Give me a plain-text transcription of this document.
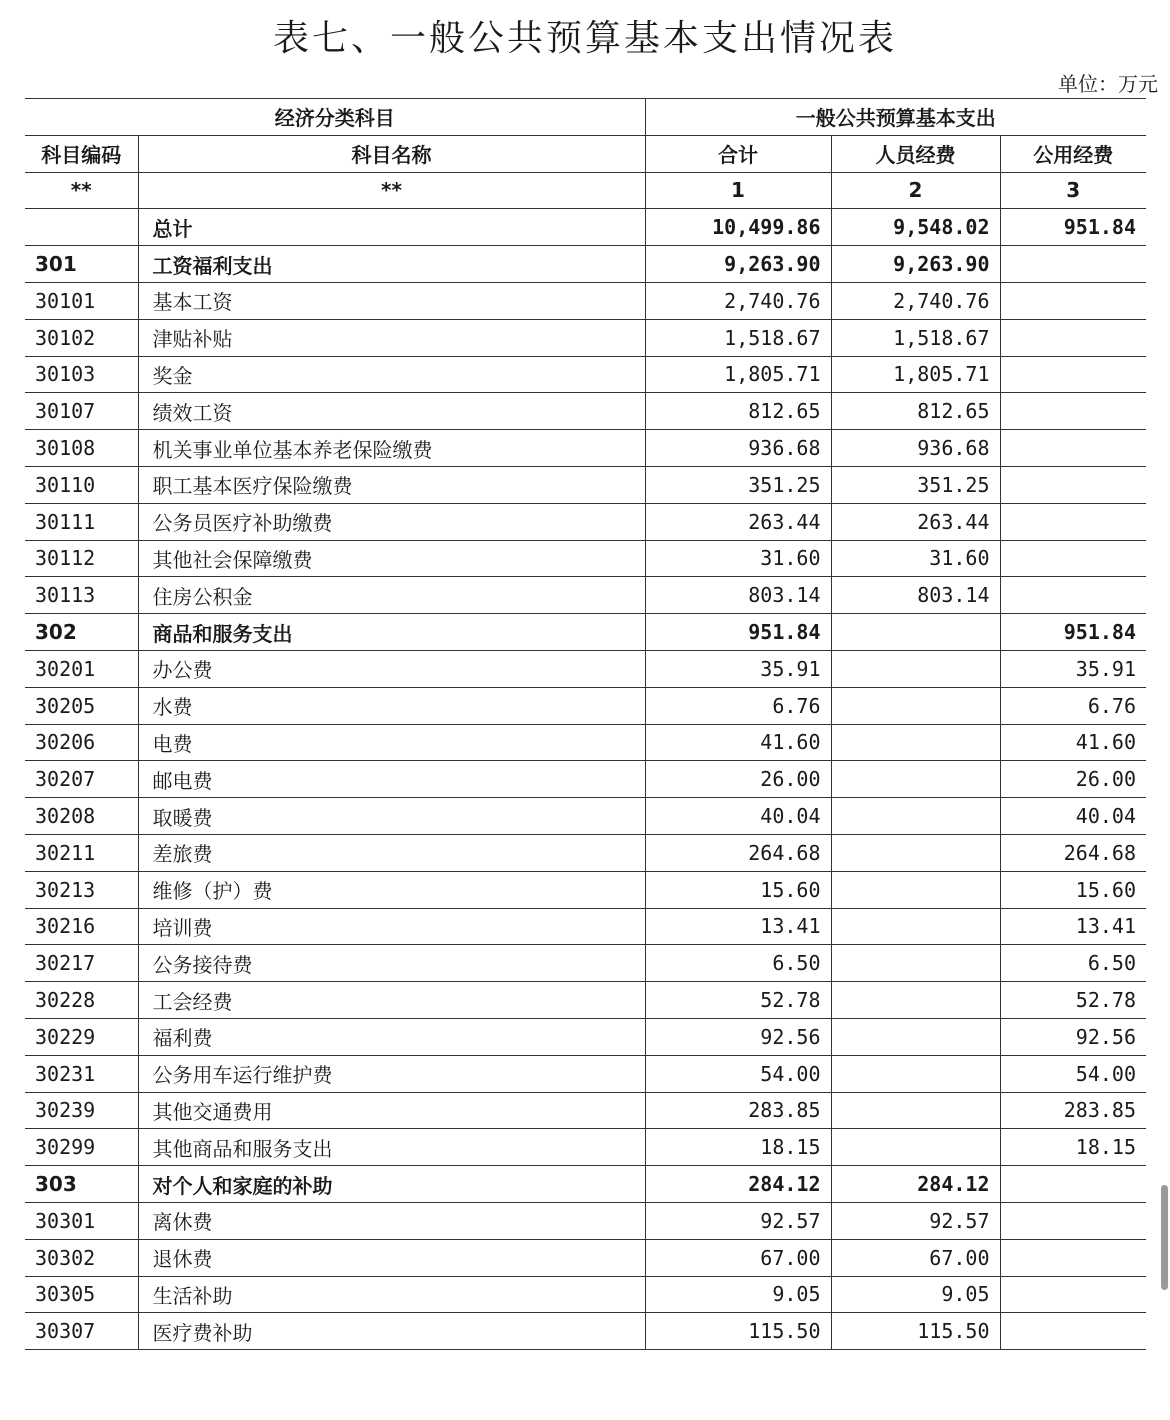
表七、一般公共预算基本支出情况表
单位：万元
经济分类科目		一般公共预算基本支出		
科目编码	科目名称	合计	人员经费	公用经费
**	**	1	2	3
	总计	10,499.86	9,548.02	951.84
301	工资福利支出	9,263.90	9,263.90	
30101	基本工资	2,740.76	2,740.76	
30102	津贴补贴	1,518.67	1,518.67	
30103	奖金	1,805.71	1,805.71	
30107	绩效工资	812.65	812.65	
30108	机关事业单位基本养老保险缴费	936.68	936.68	
30110	职工基本医疗保险缴费	351.25	351.25	
30111	公务员医疗补助缴费	263.44	263.44	
30112	其他社会保障缴费	31.60	31.60	
30113	住房公积金	803.14	803.14	
302	商品和服务支出	951.84		951.84
30201	办公费	35.91		35.91
30205	水费	6.76		6.76
30206	电费	41.60		41.60
30207	邮电费	26.00		26.00
30208	取暖费	40.04		40.04
30211	差旅费	264.68		264.68
30213	维修（护）费	15.60		15.60
30216	培训费	13.41		13.41
30217	公务接待费	6.50		6.50
30228	工会经费	52.78		52.78
30229	福利费	92.56		92.56
30231	公务用车运行维护费	54.00		54.00
30239	其他交通费用	283.85		283.85
30299	其他商品和服务支出	18.15		18.15
303	对个人和家庭的补助	284.12	284.12	
30301	离休费	92.57	92.57	
30302	退休费	67.00	67.00	
30305	生活补助	9.05	9.05	
30307	医疗费补助	115.50	115.50	
